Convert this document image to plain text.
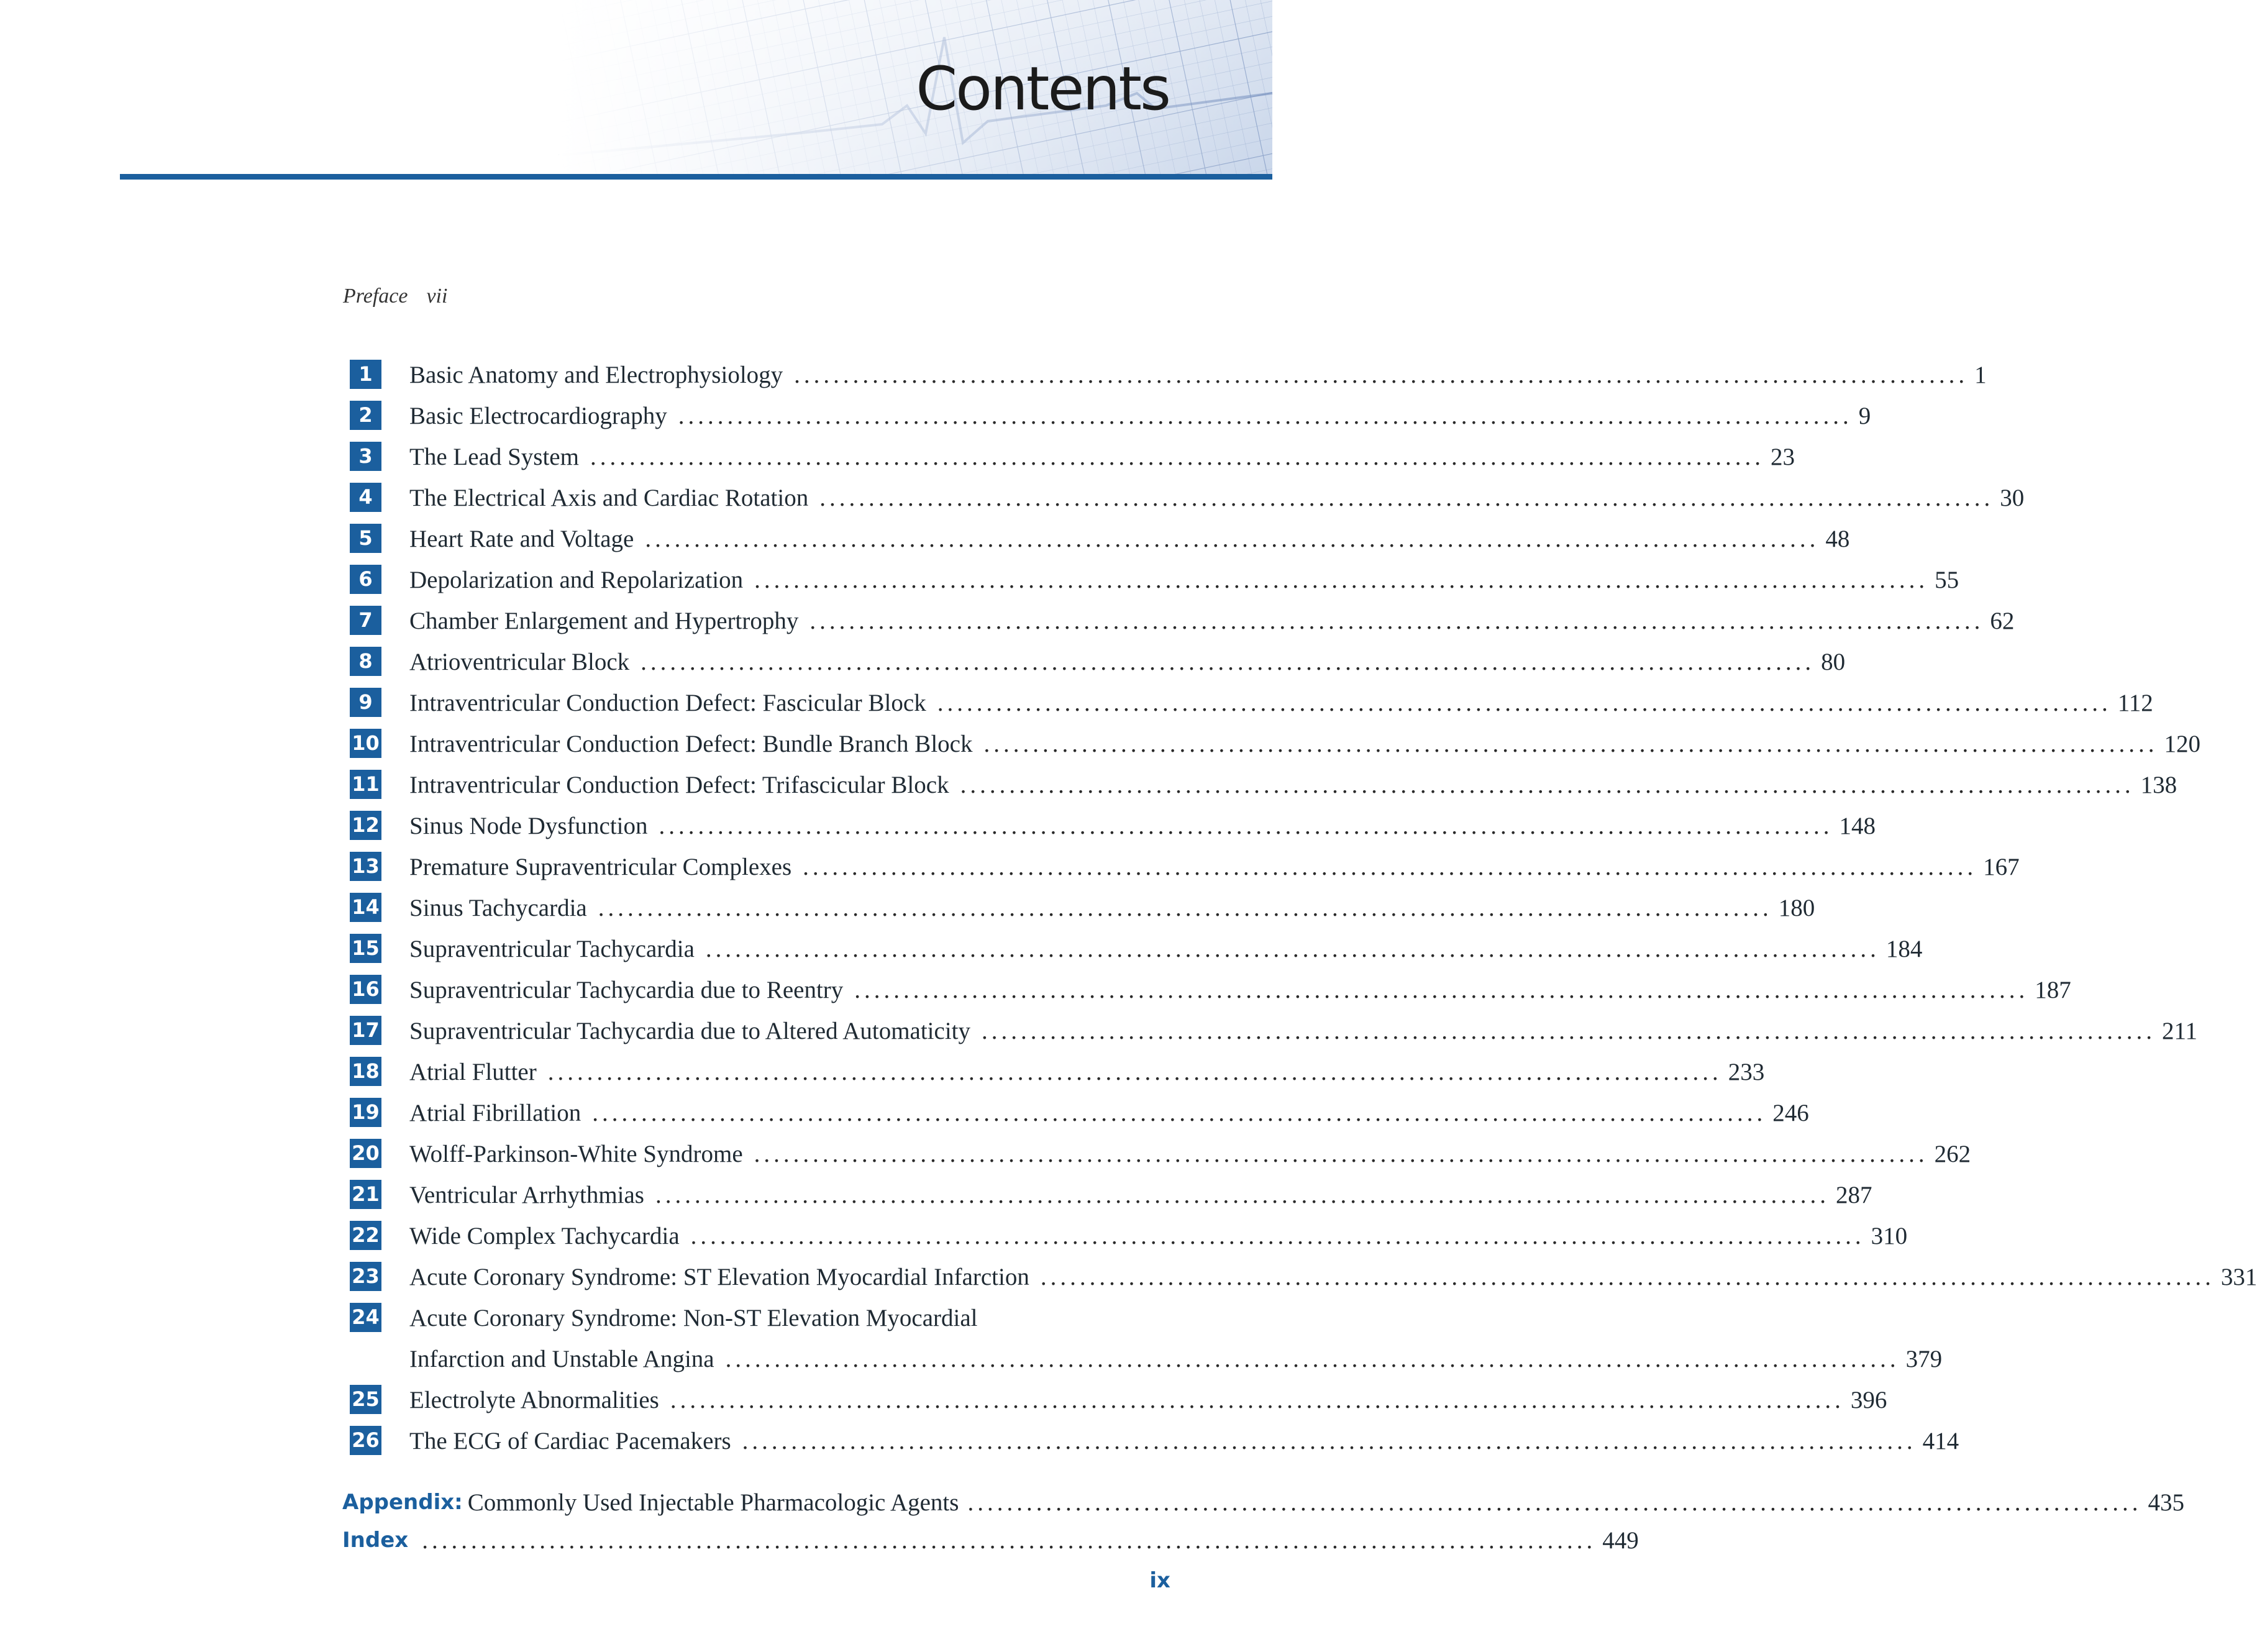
Contents
Preface vii
1	Basic Anatomy and Electrophysiology ........................................................................................................................ 1
2	Basic Electrocardiography ........................................................................................................................ 9
3	The Lead System ........................................................................................................................ 23
4	The Electrical Axis and Cardiac Rotation ........................................................................................................................ 30
5	Heart Rate and Voltage ........................................................................................................................ 48
6	Depolarization and Repolarization ........................................................................................................................ 55
7	Chamber Enlargement and Hypertrophy ........................................................................................................................ 62
8	Atrioventricular Block ........................................................................................................................ 80
9	Intraventricular Conduction Defect: Fascicular Block ........................................................................................................................ 112
10 Intraventricular Conduction Defect: Bundle Branch Block ........................................................................................................................ 120
11 Intraventricular Conduction Defect: Trifascicular Block ........................................................................................................................ 138
12 Sinus Node Dysfunction ........................................................................................................................ 148
13 Premature Supraventricular Complexes ........................................................................................................................ 167
14 Sinus Tachycardia ........................................................................................................................ 180
15 Supraventricular Tachycardia ........................................................................................................................ 184
16 Supraventricular Tachycardia due to Reentry ........................................................................................................................ 187
17 Supraventricular Tachycardia due to Altered Automaticity ........................................................................................................................ 211
18 Atrial Flutter ........................................................................................................................ 233
19 Atrial Fibrillation ........................................................................................................................ 246
20 Wolff-Parkinson-White Syndrome ........................................................................................................................ 262
21 Ventricular Arrhythmias ........................................................................................................................ 287
22 Wide Complex Tachycardia ........................................................................................................................ 310
23 Acute Coronary Syndrome: ST Elevation Myocardial Infarction ........................................................................................................................ 331
24 Acute Coronary Syndrome: Non-ST Elevation Myocardial
Infarction and Unstable Angina ........................................................................................................................ 379
25 Electrolyte Abnormalities ........................................................................................................................ 396
26 The ECG of Cardiac Pacemakers ........................................................................................................................ 414
Appendix: Commonly Used Injectable Pharmacologic Agents ........................................................................................................................ 435
Index ........................................................................................................................ 449
ix
